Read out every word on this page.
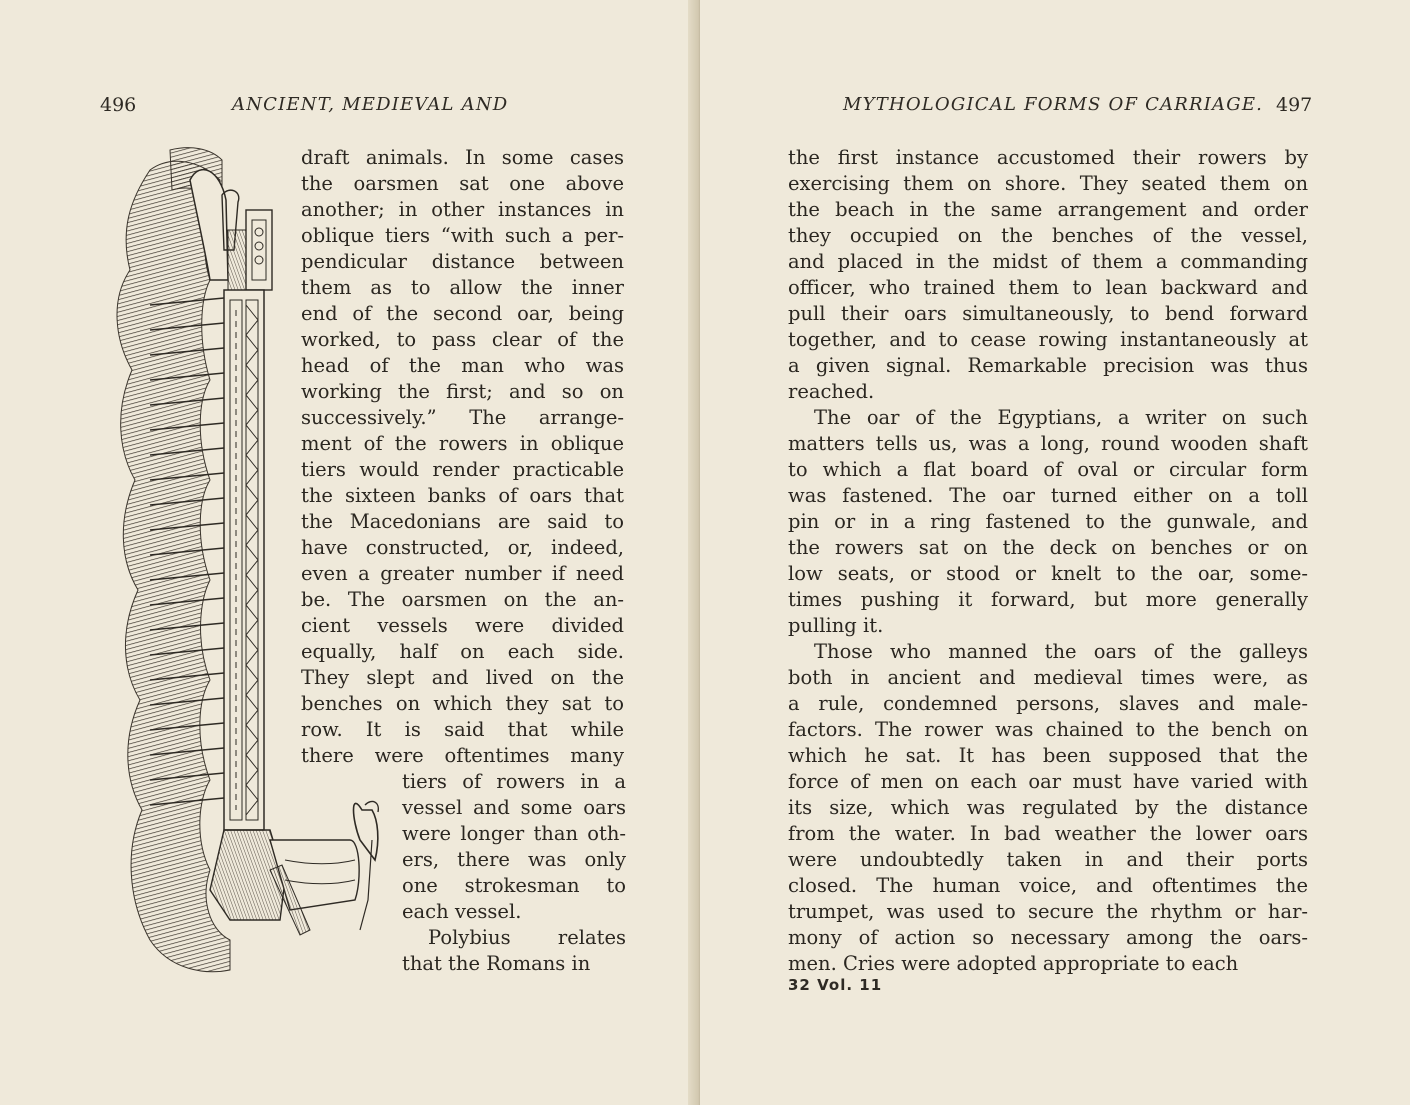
496	ANCIENT, MEDIEVAL AND
draft animals. In some cases
the oarsmen sat one above
another; in other instances in
oblique tiers “with such a per-
pendicular distance between
them as to allow the inner
end of the second oar, being
worked, to pass clear of the
head of the man who was
working the first; and so on
successively.” The arrange-
ment of the rowers in oblique
tiers would render practicable
the sixteen banks of oars that
the Macedonians are said to
have constructed, or, indeed,
even a greater number if need
be. The oarsmen on the an-
cient vessels were divided
equally, half on each side.
They slept and lived on the
benches on which they sat to
row. It is said that while
there were oftentimes many
tiers of rowers in a
vessel and some oars
were longer than oth-
ers, there was only
one strokesman to
each vessel.
Polybius relates
that the Romans in
MYTHOLOGICAL FORMS OF CARRIAGE. 497
the first instance accustomed their rowers by
exercising them on shore. They seated them on
the beach in the same arrangement and order
they occupied on the benches of the vessel,
and placed in the midst of them a commanding
officer, who trained them to lean backward and
pull their oars simultaneously, to bend forward
together, and to cease rowing instantaneously at
a given signal. Remarkable precision was thus
reached.
The oar of the Egyptians, a writer on such
matters tells us, was a long, round wooden shaft
to which a flat board of oval or circular form
was fastened. The oar turned either on a toll
pin or in a ring fastened to the gunwale, and
the rowers sat on the deck on benches or on
low seats, or stood or knelt to the oar, some-
times pushing it forward, but more generally
pulling it.
Those who manned the oars of the galleys
both in ancient and medieval times were, as
a rule, condemned persons, slaves and male-
factors. The rower was chained to the bench on
which he sat. It has been supposed that the
force of men on each oar must have varied with
its size, which was regulated by the distance
from the water. In bad weather the lower oars
were undoubtedly taken in and their ports
closed. The human voice, and oftentimes the
trumpet, was used to secure the rhythm or har-
mony of action so necessary among the oars-
men. Cries were adopted appropriate to each
32 Vol. 11
